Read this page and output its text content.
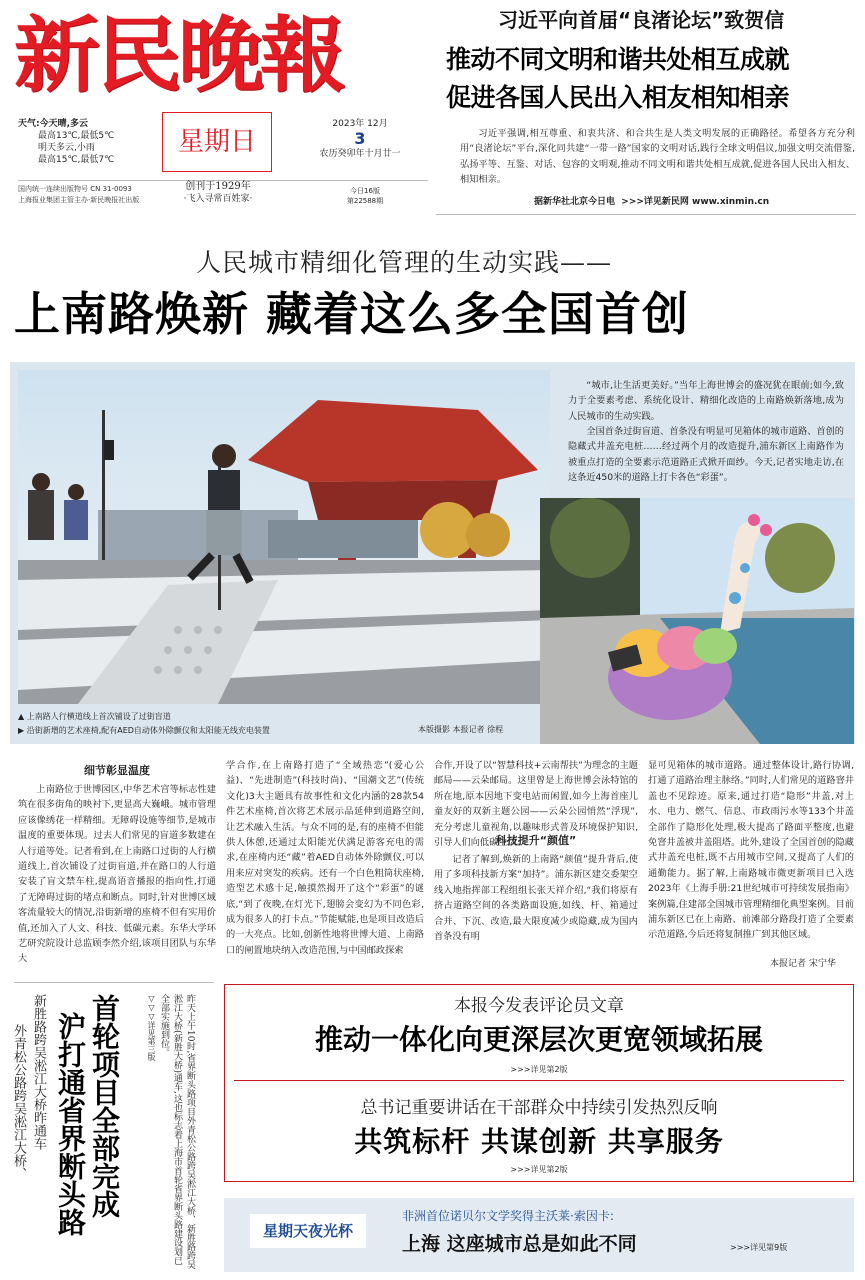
新民晚報
天气:今天晴,多云
最高13℃,最低5℃
明天多云,小雨
最高15℃,最低7℃
国内统一连续出版物号 CN 31-0093
上海报业集团主管主办·新民晚报社出版
星期日
创刊于1929年
·飞入寻常百姓家·
2023年 12月
3
农历癸卯年十月廿一
今日16版
第22588期
习近平向首届“良渚论坛”致贺信
推动不同文明和谐共处相互成就
促进各国人民出入相友相知相亲
习近平强调,相互尊重、和衷共济、和合共生是人类文明发展的正确路径。希望各方充分利用“良渚论坛”平台,深化同共建“一带一路”国家的文明对话,践行全球文明倡议,加强文明交流借鉴,弘扬平等、互鉴、对话、包容的文明观,推动不同文明和谐共处相互成就,促进各国人民出入相友、相知相亲。
据新华社北京今日电 >>>详见新民网 www.xinmin.cn
人民城市精细化管理的生动实践——
上南路焕新 藏着这么多全国首创
“城市,让生活更美好。”当年上海世博会的盛况犹在眼前;如今,致力于全要素考虑、系统化设计、精细化改造的上南路焕新落地,成为人民城市的生动实践。
全国首条过街盲道、首条没有明显可见箱体的城市道路、首创的隐藏式井盖充电桩……经过两个月的改造提升,浦东新区上南路作为被重点打造的全要素示范道路正式掀开面纱。今天,记者实地走访,在这条近450米的道路上打卡各色“彩蛋”。
▲ 上南路人行横道线上首次铺设了过街盲道
▶ 沿街新增的艺术座椅,配有AED自动体外除颤仪和太阳能无线充电装置	本版摄影 本报记者 徐程
细节彰显温度
上南路位于世博园区,中华艺术宫等标志性建筑在很多街角的映衬下,更显高大巍峨。城市管理应该像绣花一样精细。无障碍设施等细节,是城市温度的重要体现。过去人们常见的盲道多数建在人行道等处。记者看到,在上南路口过街的人行横道线上,首次铺设了过街盲道,并在路口的人行道安装了盲文禁车柱,提高语音播报的指向性,打通了无障碍过街的堵点和断点。同时,针对世博区域客流量较大的情况,沿街新增的座椅不但有实用价值,还加入了人文、科技、低碳元素。东华大学环艺研究院设计总监顾李然介绍,该项目团队与东华大
学合作,在上南路打造了“全域热恋”(爱心公益)、“先进制造”(科技时尚)、“国潮文艺”(传统文化)3大主题具有故事性和文化内涵的28款54件艺术座椅,首次将艺术展示品延伸到道路空间,让艺术融入生活。与众不同的是,有的座椅不但能供人休憩,还通过太阳能光伏满足游客充电的需求,在座椅内还“藏”着AED自动体外除颤仪,可以用来应对突发的疾病。还有一个白色粗筒状座椅,造型艺术感十足,触摸然揭开了这个“彩蛋”的谜底,“到了夜晚,在灯光下,翅膀会变幻为不同色彩,成为很多人的打卡点。”节能赋能,也是项目改造后的一大亮点。比如,创新性地将世博大道、上南路口的闸置地块纳入改造范围,与中国邮政探索
合作,开设了以“智慧科技+云南帮扶”为理念的主题邮局——云朵邮局。这里曾是上海世博会泳特馆的所在地,原本因地下变电站而闲置,如今上海首座儿童友好的双新主题公园——云朵公园悄然“浮现”,充分考虑儿童视角,以趣味形式普及环境保护知识,引导人们向低碳生活。
科技提升“颜值”
记者了解到,焕新的上南路“颜值”提升背后,使用了多项科技新方案“加持”。浦东新区建交委架空线入地指挥部工程组组长张天祥介绍,“我们将原有挤占道路空间的各类路面设施,如线、杆、箱通过合并、下沉、改造,最大限度减少或隐藏,成为国内首条没有明
显可见箱体的城市道路。通过整体设计,路行协调,打通了道路治理主脉络。”同时,人们常见的道路窨井盖也不见踪迹。原来,通过打造“隐形”井盖,对上水、电力、燃气、信息、市政雨污水等133个井盖全部作了隐形化处理,极大提高了路面平整度,也避免窨井盖被井盖阻塔。此外,建设了全国首创的隐藏式井盖充电桩,既不占用城市空间,又提高了人们的通勤能力。据了解,上南路城市微更新项目已入选2023年《上海手册:21世纪城市可持续发展指南》案例篇,住建部全国城市管理精细化典型案例。目前浦东新区已在上南路、前滩部分路段打造了全要素示范道路,今后还将复制推广到其他区域。
本报记者 宋宁华
昨天上午10时,省界断头路项目外青松公路跨吴淞江大桥、新胜路跨吴淞江大桥(新胜大桥)通车,这也标志着上海市首轮省界断头路建设划已全部实施到位。
▽▽▽详见第三版
首轮项目全部完成
沪打通省界断头路
新胜路跨吴淞江大桥昨通车
外青松公路跨吴淞江大桥、
本报今发表评论员文章
推动一体化向更深层次更宽领域拓展
>>>详见第2版
总书记重要讲话在干部群众中持续引发热烈反响
共筑标杆 共谋创新 共享服务
>>>详见第2版
星期天夜光杯
非洲首位诺贝尔文学奖得主沃莱·索因卡:
上海 这座城市总是如此不同	>>>详见第9版
